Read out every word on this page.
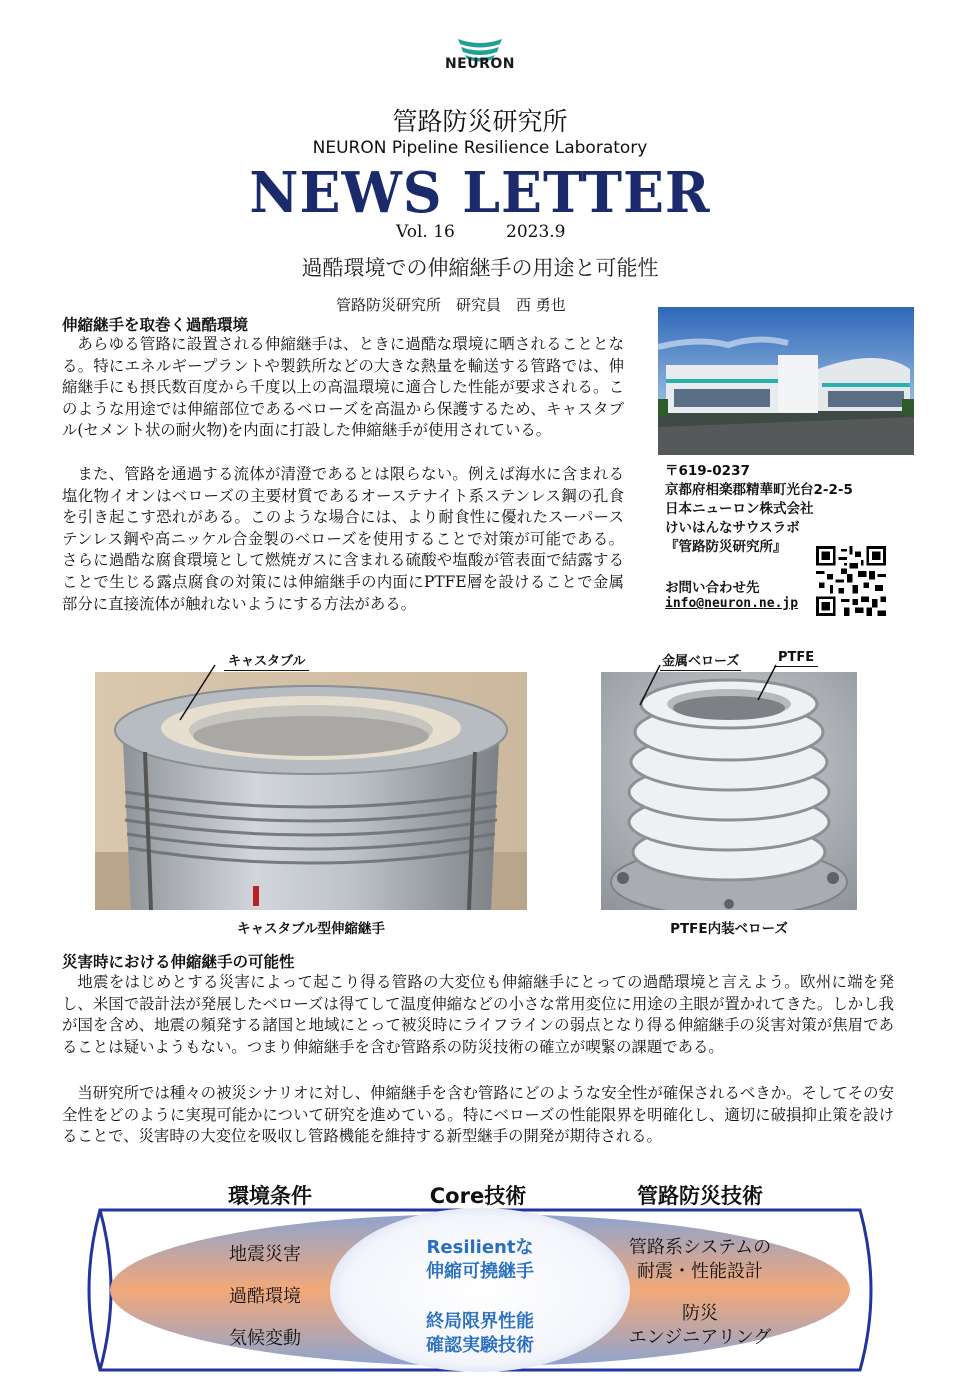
NEURON
管路防災研究所
NEURON Pipeline Resilience Laboratory
NEWS LETTER
Vol. 16	2023.9
過酷環境での伸縮継手の用途と可能性
管路防災研究所　研究員　西 勇也
伸縮継手を取巻く過酷環境
あらゆる管路に設置される伸縮継手は、ときに過酷な環境に晒されることとなる。特にエネルギープラントや製鉄所などの大きな熱量を輸送する管路では、伸縮継手にも摂氏数百度から千度以上の高温環境に適合した性能が要求される。このような用途では伸縮部位であるベローズを高温から保護するため、キャスタブル(セメント状の耐火物)を内面に打設した伸縮継手が使用されている。
また、管路を通過する流体が清澄であるとは限らない。例えば海水に含まれる塩化物イオンはベローズの主要材質であるオーステナイト系ステンレス鋼の孔食を引き起こす恐れがある。このような場合には、より耐食性に優れたスーパーステンレス鋼や高ニッケル合金製のベローズを使用することで対策が可能である。さらに過酷な腐食環境として燃焼ガスに含まれる硫酸や塩酸が管表面で結露することで生じる露点腐食の対策には伸縮継手の内面にPTFE層を設けることで金属部分に直接流体が触れないようにする方法がある。
〒619-0237
京都府相楽郡精華町光台2-2-5
日本ニューロン株式会社
けいはんなサウスラボ
『管路防災研究所』
お問い合わせ先
info@neuron.ne.jp
キャスタブル	金属ベローズ	PTFE
キャスタブル型伸縮継手	PTFE内装ベローズ
災害時における伸縮継手の可能性
地震をはじめとする災害によって起こり得る管路の大変位も伸縮継手にとっての過酷環境と言えよう。欧州に端を発し、米国で設計法が発展したベローズは得てして温度伸縮などの小さな常用変位に用途の主眼が置かれてきた。しかし我が国を含め、地震の頻発する諸国と地域にとって被災時にライフラインの弱点となり得る伸縮継手の災害対策が焦眉であることは疑いようもない。つまり伸縮継手を含む管路系の防災技術の確立が喫緊の課題である。
当研究所では種々の被災シナリオに対し、伸縮継手を含む管路にどのような安全性が確保されるべきか。そしてその安全性をどのように実現可能かについて研究を進めている。特にベローズの性能限界を明確化し、適切に破損抑止策を設けることで、災害時の大変位を吸収し管路機能を維持する新型継手の開発が期待される。
環境条件	Core技術	管路防災技術
地震災害
過酷環境
気候変動
Resilientな
伸縮可撓継手
終局限界性能
確認実験技術
管路系システムの
耐震・性能設計
防災
エンジニアリング
